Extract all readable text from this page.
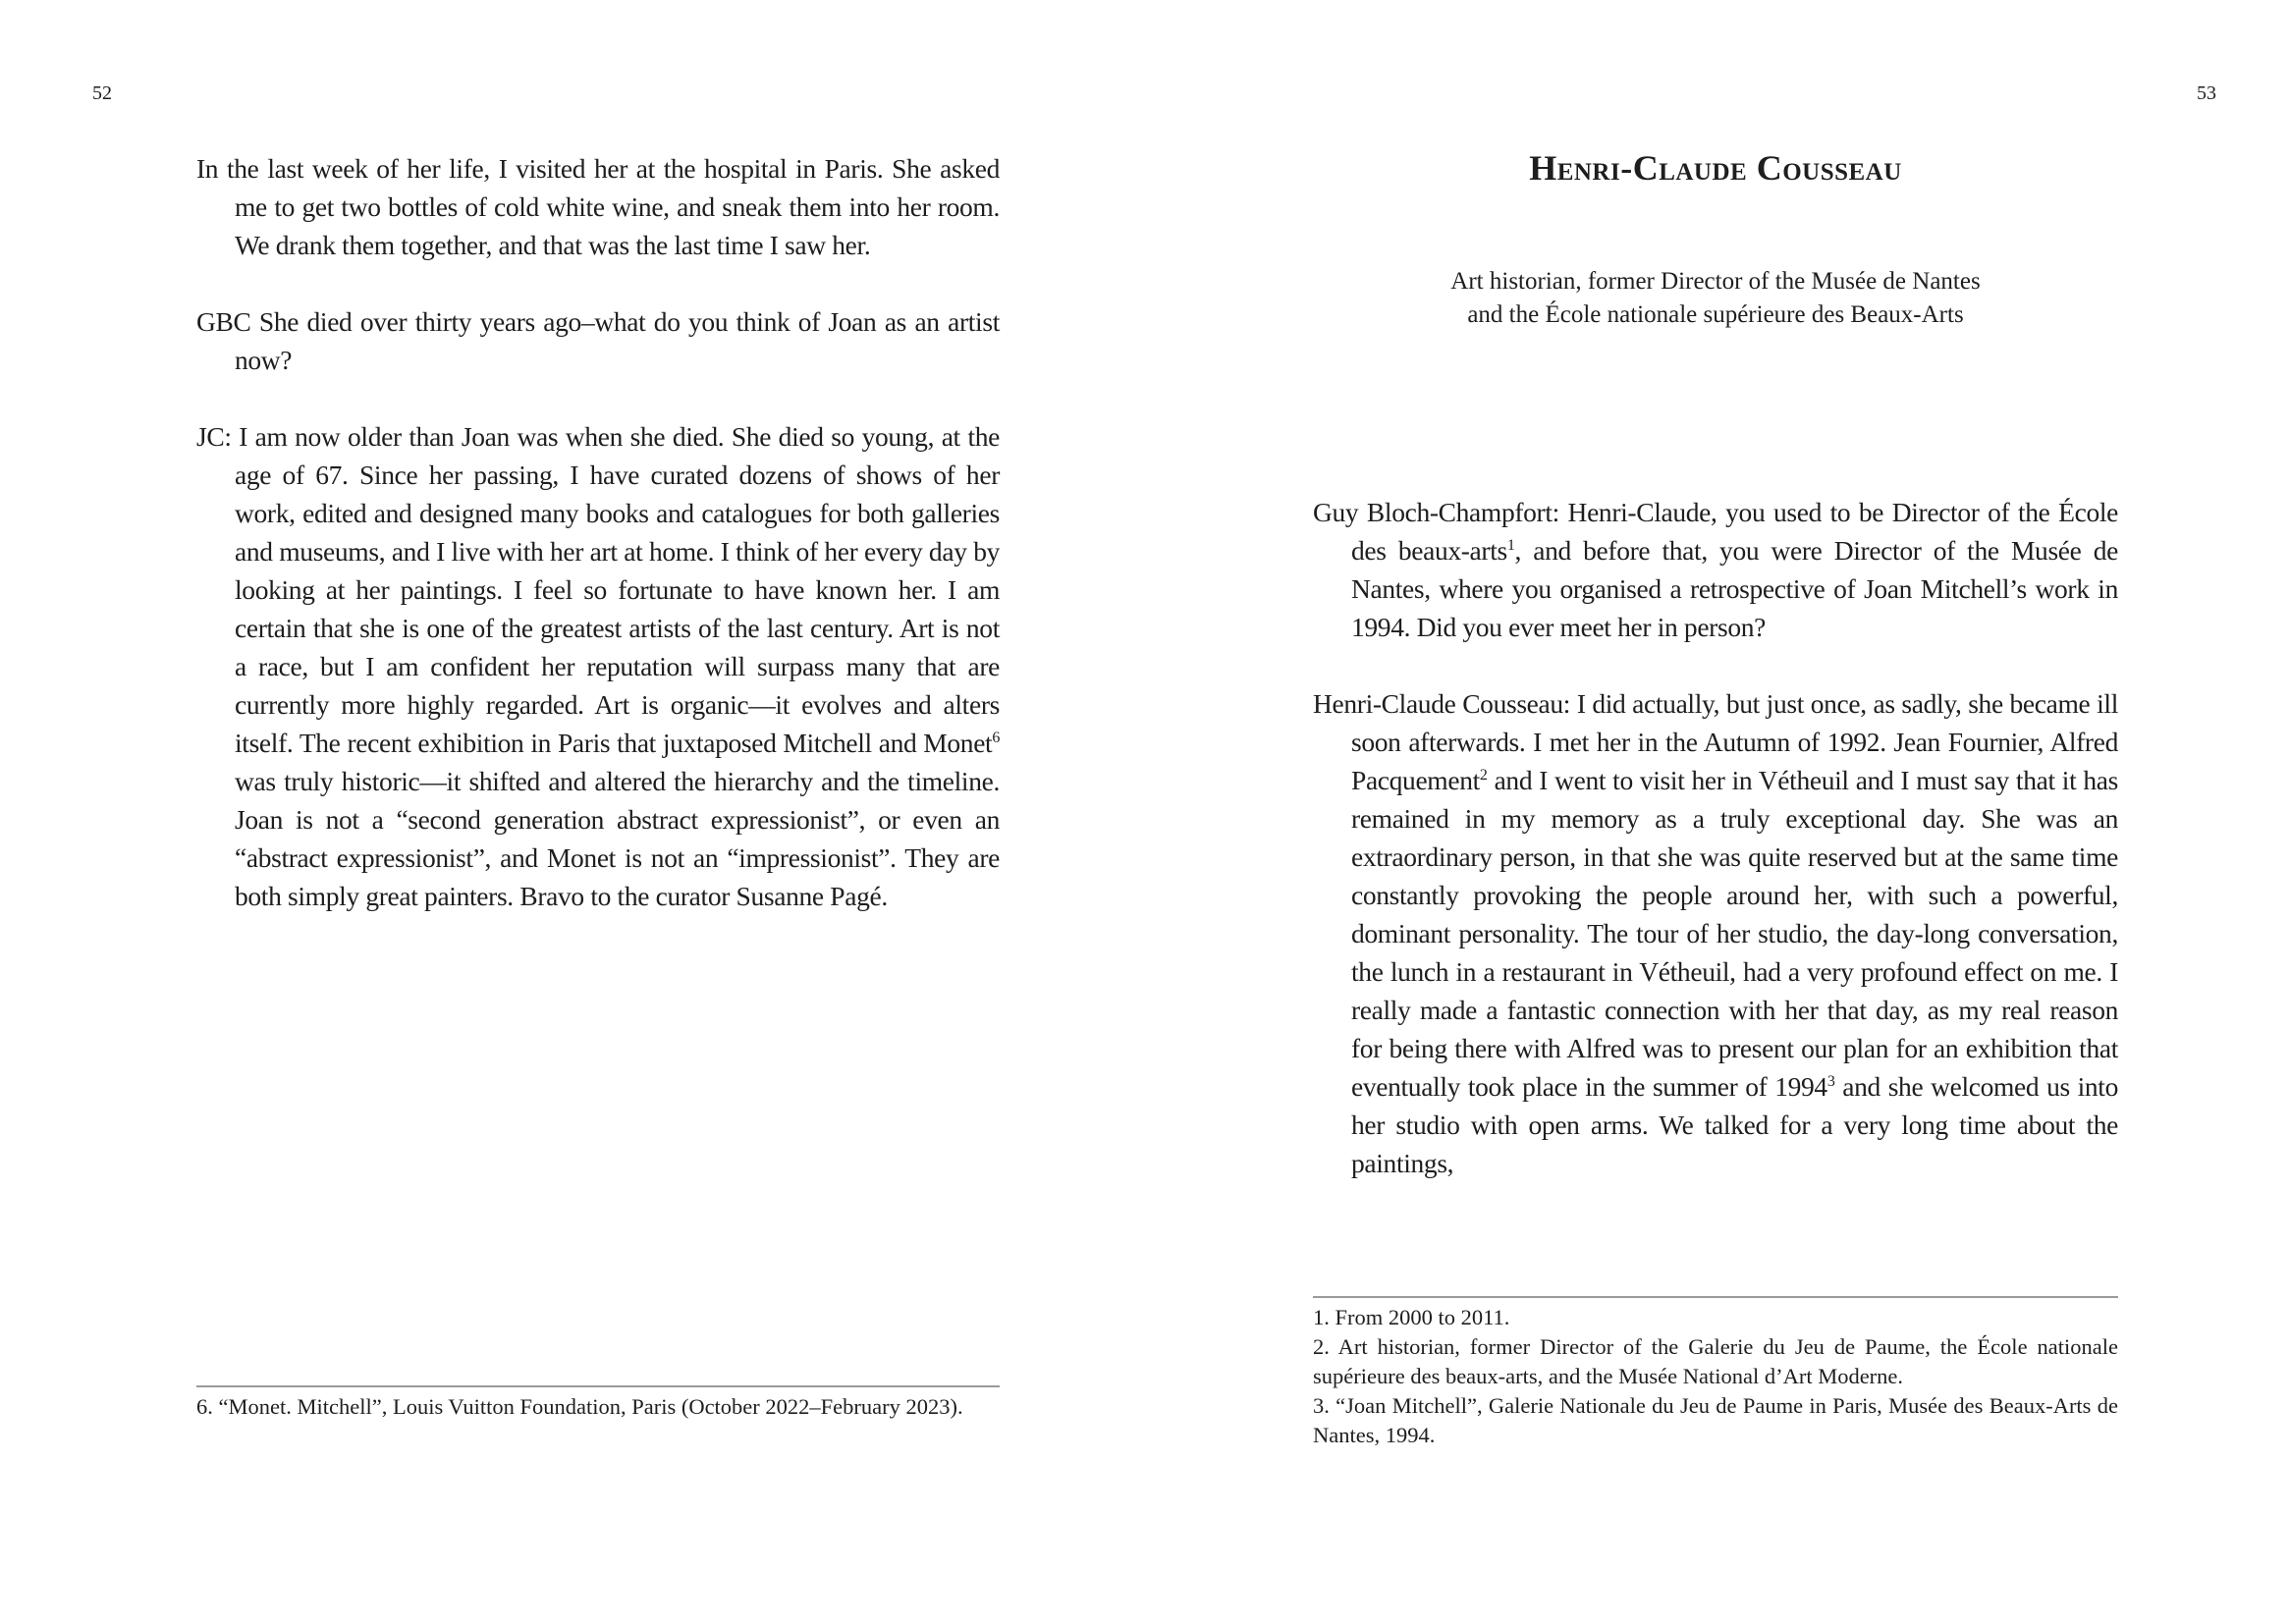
52

In the last week of her life, I visited her at the hospital in Paris. She asked me to get two bottles of cold white wine, and sneak them into her room. We drank them together, and that was the last time I saw her.

GBC She died over thirty years ago–what do you think of Joan as an artist now?

JC: I am now older than Joan was when she died. She died so young, at the age of 67. Since her passing, I have curated dozens of shows of her work, edited and designed many books and catalogues for both galleries and museums, and I live with her art at home. I think of her every day by looking at her paintings. I feel so fortunate to have known her. I am certain that she is one of the greatest artists of the last century. Art is not a race, but I am confident her reputation will surpass many that are currently more highly regarded. Art is organic—it evolves and alters itself. The recent exhibition in Paris that juxtaposed Mitchell and Monet$^6$ was truly historic—it shifted and altered the hierarchy and the timeline. Joan is not a “second generation abstract expressionist”, or even an “abstract expressionist”, and Monet is not an “impressionist”. They are both simply great painters. Bravo to the curator Susanne Pagé.

6. “Monet. Mitchell”, Louis Vuitton Foundation, Paris (October 2022–February 2023).
53
Henri-Claude Cousseau
Art historian, former Director of the Musée de Nantes
and the École nationale supérieure des Beaux-Arts

Guy Bloch-Champfort: Henri-Claude, you used to be Director of the École des beaux-arts$^1$, and before that, you were Director of the Musée de Nantes, where you organised a retrospective of Joan Mitchell’s work in 1994. Did you ever meet her in person?

Henri-Claude Cousseau: I did actually, but just once, as sadly, she became ill soon afterwards. I met her in the Autumn of 1992. Jean Fournier, Alfred Pacquement$^2$ and I went to visit her in Vétheuil and I must say that it has remained in my memory as a truly exceptional day. She was an extraordinary person, in that she was quite reserved but at the same time constantly provoking the people around her, with such a powerful, dominant personality. The tour of her studio, the day-long conversation, the lunch in a restaurant in Vétheuil, had a very profound effect on me. I really made a fantastic connection with her that day, as my real reason for being there with Alfred was to present our plan for an exhibition that eventually took place in the summer of 1994$^3$ and she welcomed us into her studio with open arms. We talked for a very long time about the paintings,

1. From 2000 to 2011.
2. Art historian, former Director of the Galerie du Jeu de Paume, the École nationale supérieure des beaux-arts, and the Musée National d’Art Moderne.
3. “Joan Mitchell”, Galerie Nationale du Jeu de Paume in Paris, Musée des Beaux-Arts de Nantes, 1994.
